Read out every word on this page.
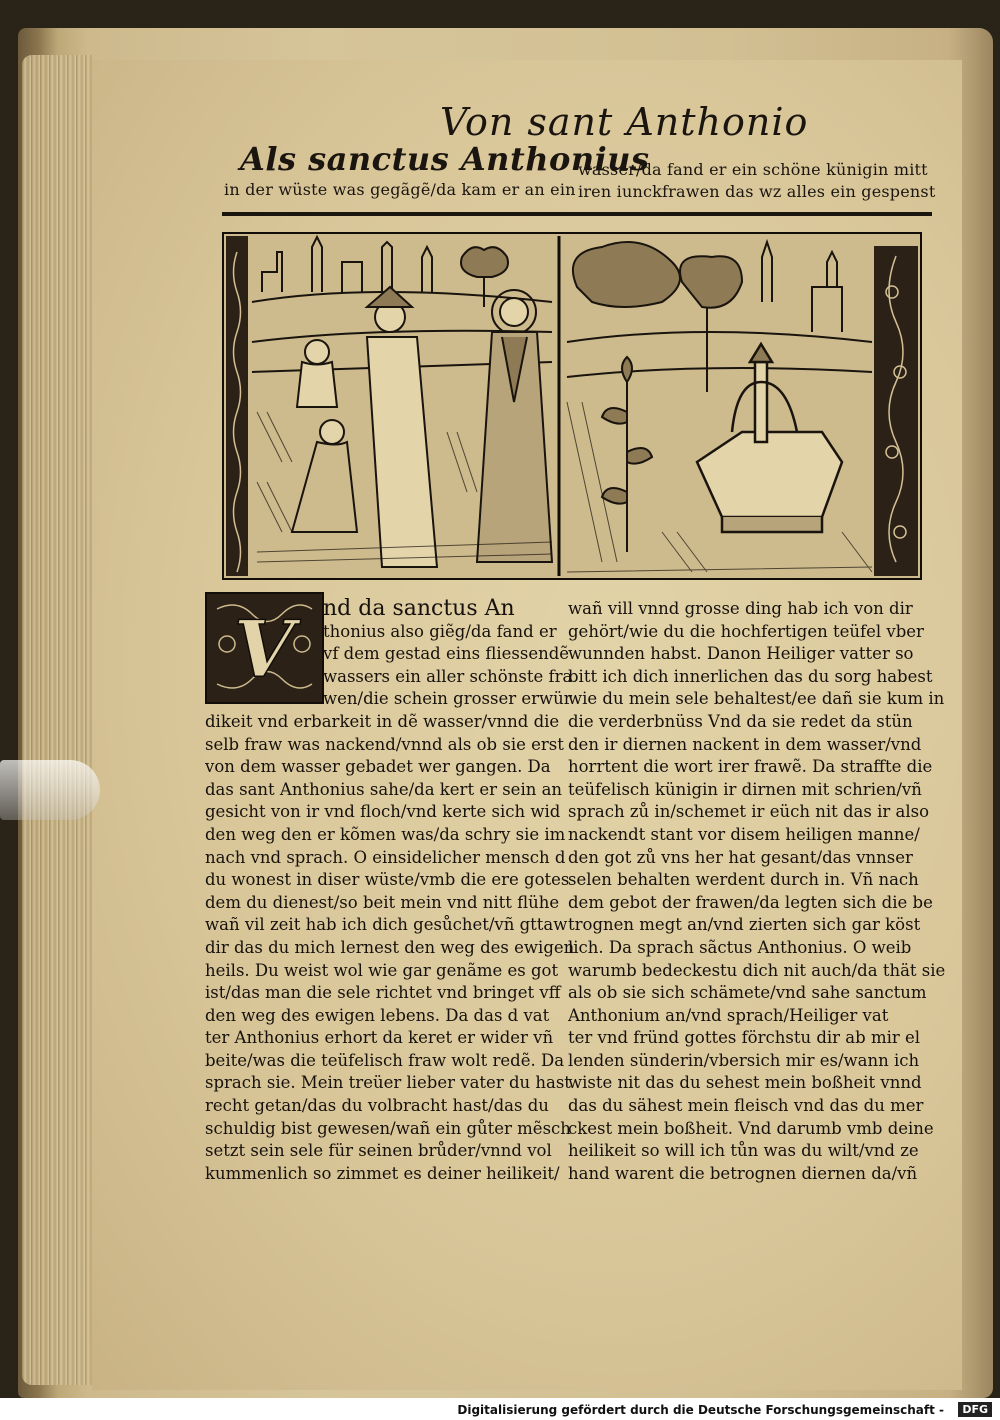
Von sant Anthonio
Als sanctus Anthonius
in der wüste was gegãgẽ/da kam er an ein
wasser/da fand er ein schöne künigin mitt
iren iunckfrawen das wz alles ein gespenst
V	nd da sanctus An
thonius also giẽg/da fand er
vf dem gestad eins fliessendẽ
wassers ein aller schönste fra
wen/die schein grosser erwür
dikeit vnd erbarkeit in dẽ wasser/vnnd die
selb fraw was nackend/vnnd als ob sie erst
von dem wasser gebadet wer gangen. Da
das sant Anthonius sahe/da kert er sein an
gesicht von ir vnd floch/vnd kerte sich wid
den weg den er kõmen was/da schry sie im
nach vnd sprach. O einsidelicher mensch d
du wonest in diser wüste/vmb die ere gotes
dem du dienest/so beit mein vnd nitt flühe
wañ vil zeit hab ich dich gesůchet/vñ gttaw
dir das du mich lernest den weg des ewigen
heils. Du weist wol wie gar genãme es got
ist/das man die sele richtet vnd bringet vff
den weg des ewigen lebens. Da das d vat
ter Anthonius erhort da keret er wider vñ
beite/was die teüfelisch fraw wolt redẽ. Da
sprach sie. Mein treüer lieber vater du hast
recht getan/das du volbracht hast/das du
schuldig bist gewesen/wañ ein gůter mẽsch
setzt sein sele für seinen brůder/vnnd vol
kummenlich so zimmet es deiner heilikeit/
wañ vill vnnd grosse ding hab ich von dir
gehört/wie du die hochfertigen teüfel vber
wunnden habst. Danon Heiliger vatter so
bitt ich dich innerlichen das du sorg habest
wie du mein sele behaltest/ee dañ sie kum in
die verderbnüss Vnd da sie redet da stün
den ir diernen nackent in dem wasser/vnd
horrtent die wort irer frawẽ. Da straffte die
teüfelisch künigin ir dirnen mit schrien/vñ
sprach zů in/schemet ir eüch nit das ir also
nackendt stant vor disem heiligen manne/
den got zů vns her hat gesant/das vnnser
selen behalten werdent durch in. Vñ nach
dem gebot der frawen/da legten sich die be
trognen megt an/vnd zierten sich gar köst
lich. Da sprach sãctus Anthonius. O weib
warumb bedeckestu dich nit auch/da thät sie
als ob sie sich schämete/vnd sahe sanctum
Anthonium an/vnd sprach/Heiliger vat
ter vnd fründ gottes förchstu dir ab mir el
lenden sünderin/vbersich mir es/wann ich
wiste nit das du sehest mein boßheit vnnd
das du sähest mein fleisch vnd das du mer
ckest mein boßheit. Vnd darumb vmb deine
heilikeit so will ich tůn was du wilt/vnd ze
hand warent die betrognen diernen da/vñ
Digitalisierung gefördert durch die Deutsche Forschungsgemeinschaft -	DFG
